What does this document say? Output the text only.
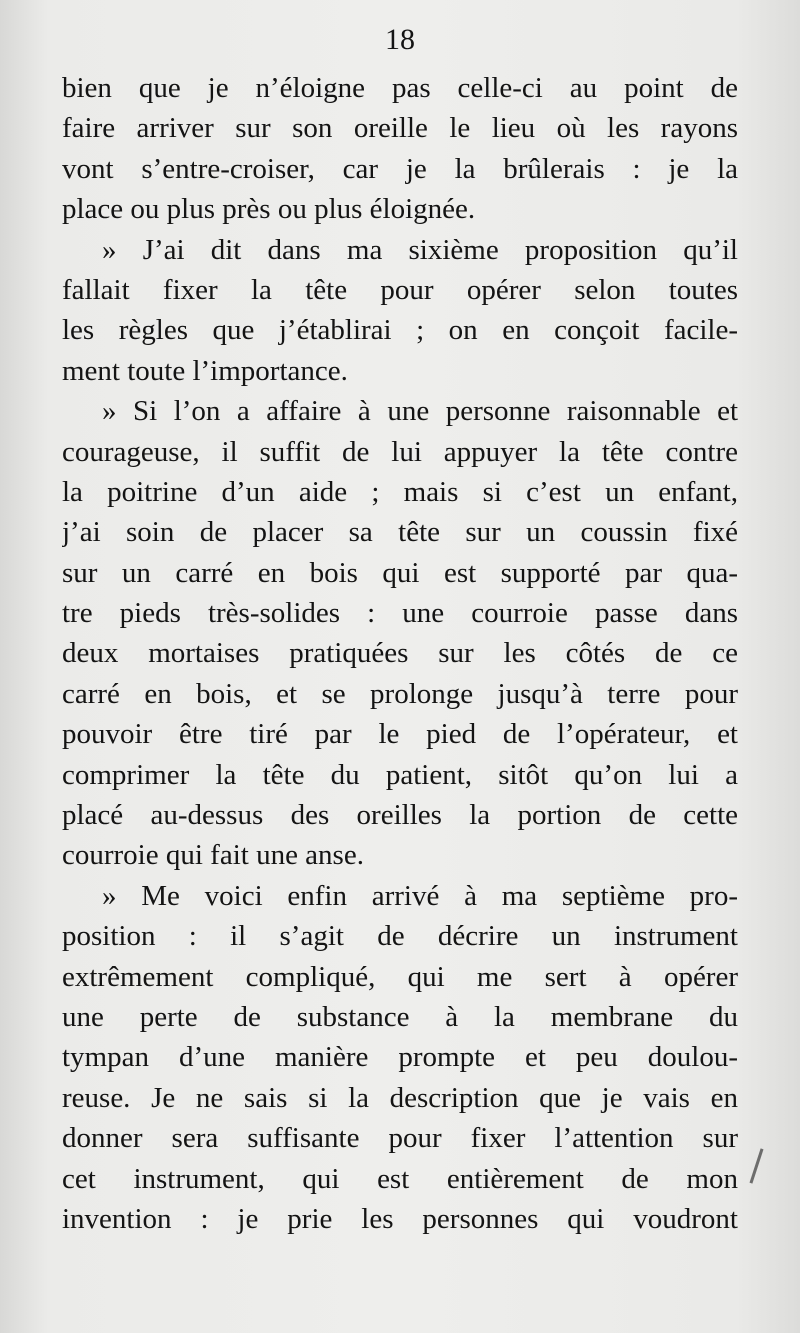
18
bien que je n’éloigne pas celle-ci au point de
faire arriver sur son oreille le lieu où les rayons
vont s’entre-croiser, car je la brûlerais : je la
place ou plus près ou plus éloignée.
» J’ai dit dans ma sixième proposition qu’il
fallait fixer la tête pour opérer selon toutes
les règles que j’établirai ; on en conçoit facile-
ment toute l’importance.
» Si l’on a affaire à une personne raisonnable et
courageuse, il suffit de lui appuyer la tête contre
la poitrine d’un aide ; mais si c’est un enfant,
j’ai soin de placer sa tête sur un coussin fixé
sur un carré en bois qui est supporté par qua-
tre pieds très-solides : une courroie passe dans
deux mortaises pratiquées sur les côtés de ce
carré en bois, et se prolonge jusqu’à terre pour
pouvoir être tiré par le pied de l’opérateur, et
comprimer la tête du patient, sitôt qu’on lui a
placé au-dessus des oreilles la portion de cette
courroie qui fait une anse.
» Me voici enfin arrivé à ma septième pro-
position : il s’agit de décrire un instrument
extrêmement compliqué, qui me sert à opérer
une perte de substance à la membrane du
tympan d’une manière prompte et peu doulou-
reuse. Je ne sais si la description que je vais en
donner sera suffisante pour fixer l’attention sur
cet instrument, qui est entièrement de mon
invention : je prie les personnes qui voudront
